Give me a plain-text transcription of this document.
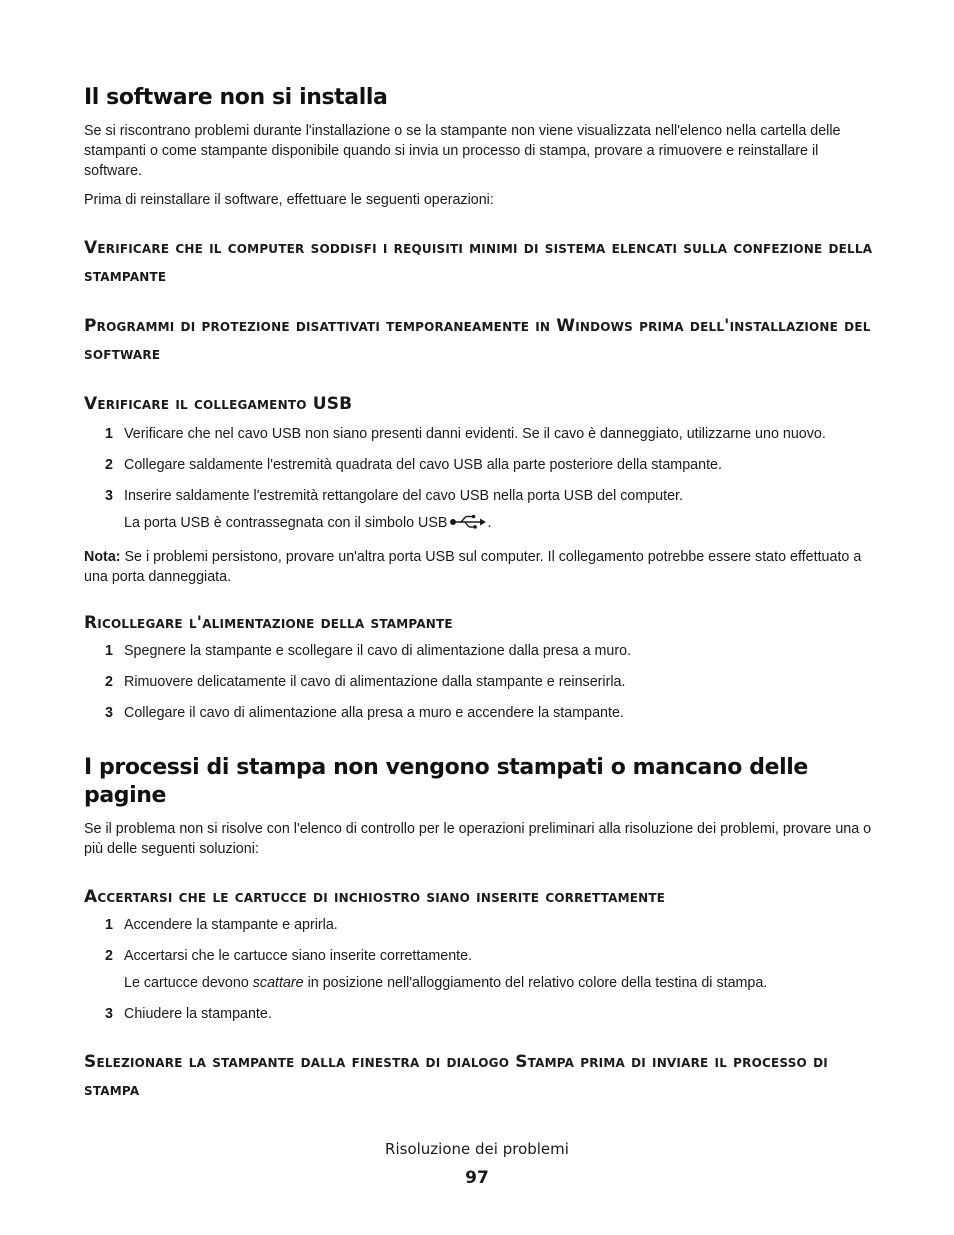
Il software non si installa

Se si riscontrano problemi durante l'installazione o se la stampante non viene visualizzata nell'elenco nella cartella delle stampanti o come stampante disponibile quando si invia un processo di stampa, provare a rimuovere e reinstallare il software.

Prima di reinstallare il software, effettuare le seguenti operazioni:

Verificare che il computer soddisfi i requisiti minimi di sistema elencati sulla confezione della stampante
Programmi di protezione disattivati temporaneamente in Windows prima dell'installazione del software
Verificare il collegamento USB
1 Verificare che nel cavo USB non siano presenti danni evidenti. Se il cavo è danneggiato, utilizzarne uno nuovo.
2 Collegare saldamente l'estremità quadrata del cavo USB alla parte posteriore della stampante.
3 Inserire saldamente l'estremità rettangolare del cavo USB nella porta USB del computer.
La porta USB è contrassegnata con il simbolo USB	.

Nota: Se i problemi persistono, provare un'altra porta USB sul computer. Il collegamento potrebbe essere stato effettuato a una porta danneggiata.

Ricollegare l'alimentazione della stampante
1 Spegnere la stampante e scollegare il cavo di alimentazione dalla presa a muro.
2 Rimuovere delicatamente il cavo di alimentazione dalla stampante e reinserirla.
3 Collegare il cavo di alimentazione alla presa a muro e accendere la stampante.
I processi di stampa non vengono stampati o mancano delle pagine

Se il problema non si risolve con l'elenco di controllo per le operazioni preliminari alla risoluzione dei problemi, provare una o più delle seguenti soluzioni:

Accertarsi che le cartucce di inchiostro siano inserite correttamente
1 Accendere la stampante e aprirla.
2 Accertarsi che le cartucce siano inserite correttamente.
Le cartucce devono scattare in posizione nell'alloggiamento del relativo colore della testina di stampa.
3 Chiudere la stampante.
Selezionare la stampante dalla finestra di dialogo Stampa prima di inviare il processo di stampa
Risoluzione dei problemi
97
